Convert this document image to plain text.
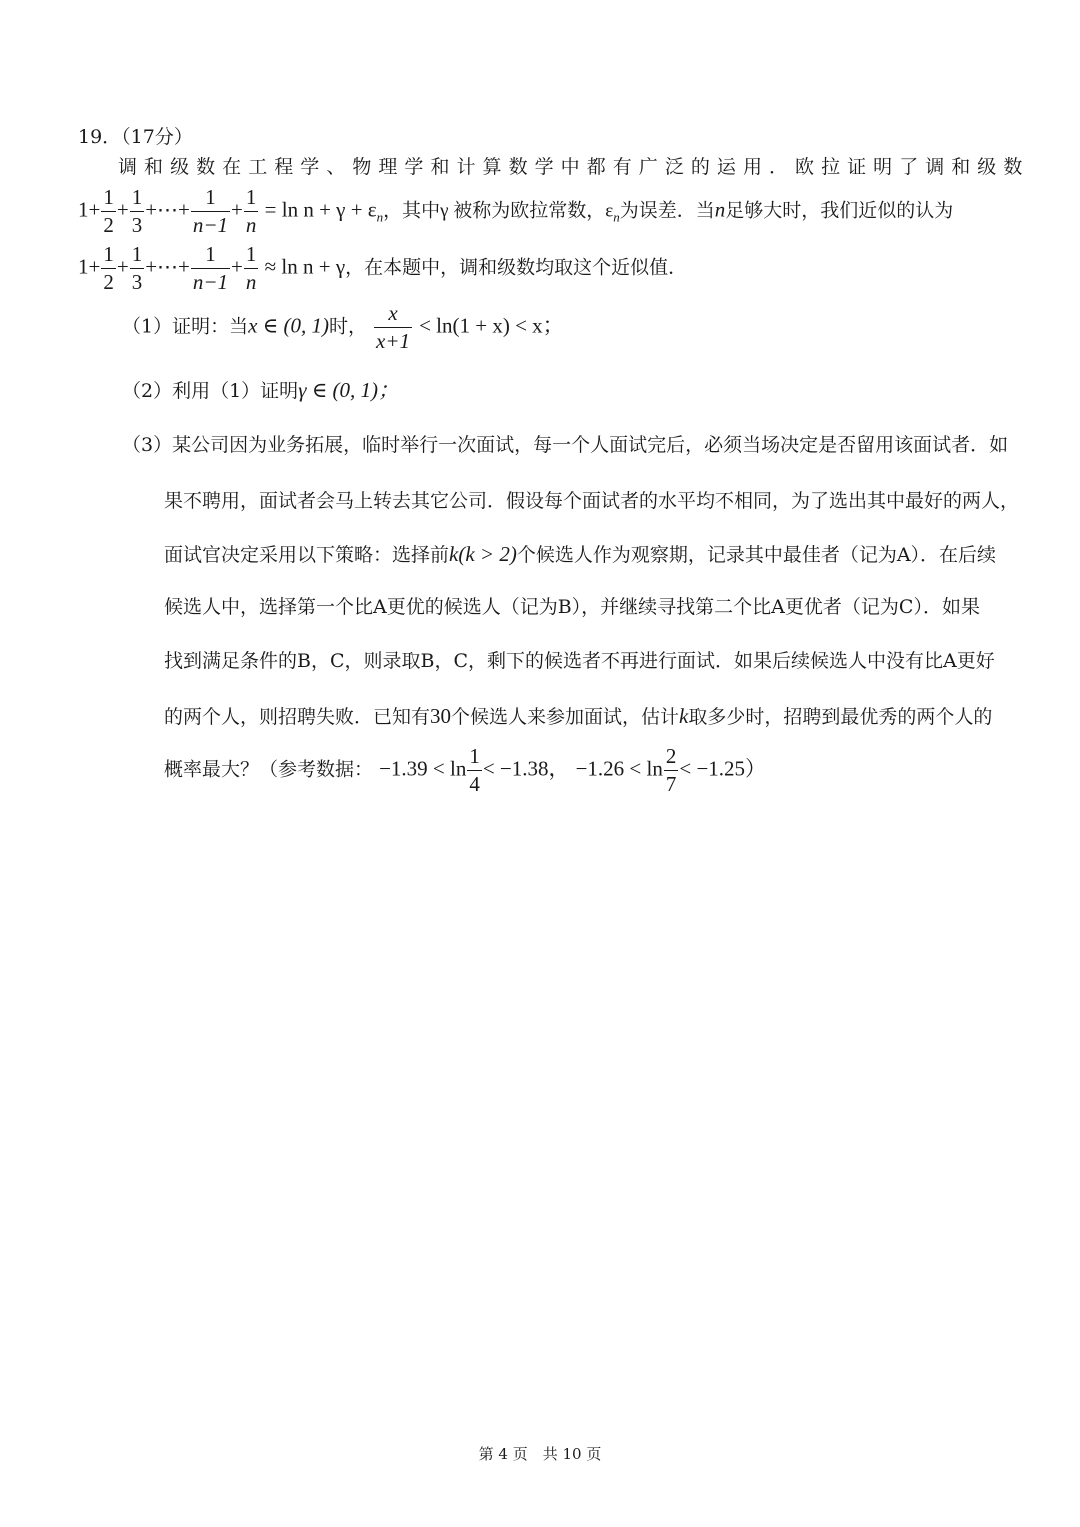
19．（17分）
调 和 级 数 在 工 程 学 、 物 理 学 和 计 算 数 学 中 都 有 广 泛 的 运 用 ． 欧 拉 证 明 了 调 和 级 数
$1+ \frac{1}{2} + \frac{1}{3}$ +⋯+ $\frac{1}{n-1} + \frac{1}{n} = \ln n + \gamma + \varepsilon_n$，其中γ 被称为欧拉常数，$\varepsilon_n$为误差．当n足够大时，我们近似的认为
$1+ \frac{1}{2} + \frac{1}{3}$ +⋯+ $\frac{1}{n-1} + \frac{1}{n} \approx \ln n + \gamma$，在本题中，调和级数均取这个近似值．
（1）证明：当x ∈ (0, 1)时， $\frac{x}{x+1} < \ln(1 + x) < x$；
（2）利用（1）证明γ ∈ (0, 1)；
（3）某公司因为业务拓展，临时举行一次面试，每一个人面试完后，必须当场决定是否留用该面试者．如
果不聘用，面试者会马上转去其它公司．假设每个面试者的水平均不相同，为了选出其中最好的两人，
面试官决定采用以下策略：选择前k(k > 2)个候选人作为观察期，记录其中最佳者（记为A）．在后续
候选人中，选择第一个比A更优的候选人（记为B），并继续寻找第二个比A更优者（记为C）．如果
找到满足条件的B，C，则录取B，C，剩下的候选者不再进行面试．如果后续候选人中没有比A更好
的两个人，则招聘失败．已知有30个候选人来参加面试，估计k取多少时，招聘到最优秀的两个人的
概率最大？（参考数据： $-1.39 < \ln \frac{1}{4} < -1.38$， $-1.26 < \ln \frac{2}{7} < -1.25$）
第 4 页　共 10 页
